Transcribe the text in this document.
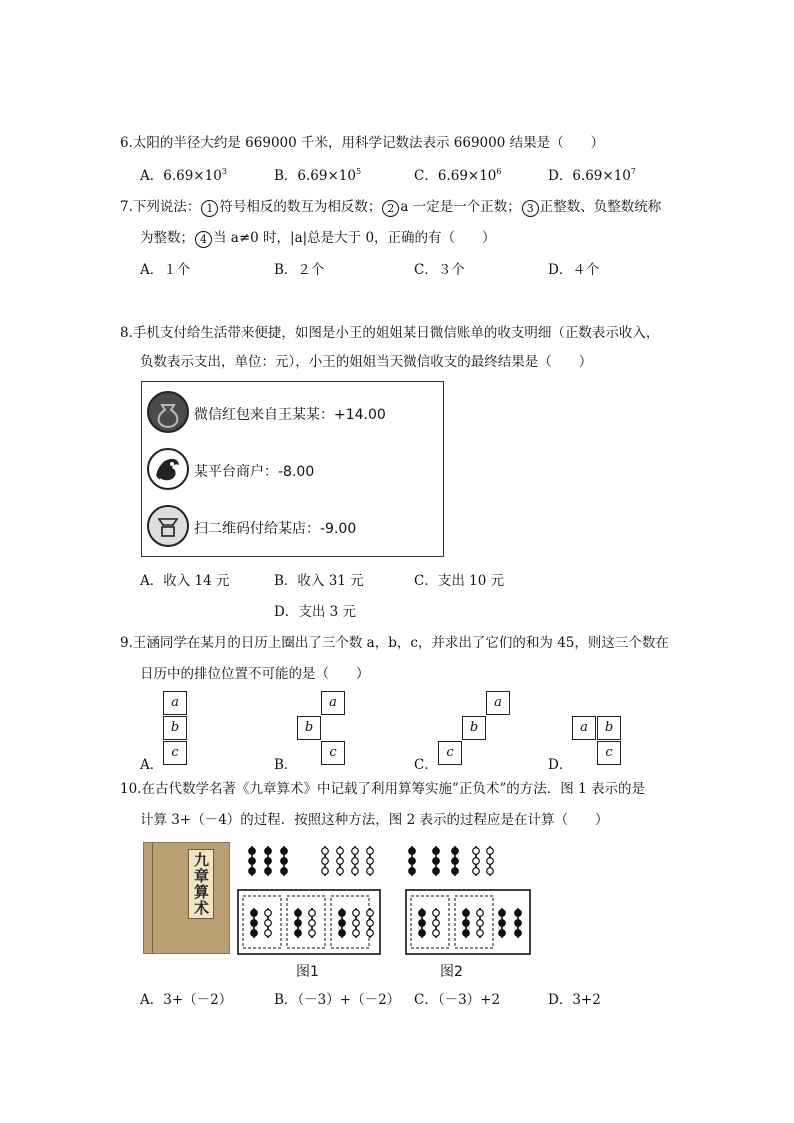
6.太阳的半径大约是 669000 千米，用科学记数法表示 669000 结果是（　　）
A．$6.69\times 10^3$	B．$6.69\times 10^5$	C．$6.69\times 10^6$	D．$6.69\times 10^7$
7.下列说法： 1 符号相反的数互为相反数； 2 a 一定是一个正数； 3 正整数、负整数统称
为整数； 4 当 a≠0 时，|a|总是大于 0，正确的有（　　）
A．１个	B．２个	C．３个	D．４个
8.手机支付给生活带来便捷，如图是小王的姐姐某日微信账单的收支明细（正数表示收入，
负数表示支出，单位：元），小王的姐姐当天微信收支的最终结果是（　　）
微信红包来自王某某：+14.00
某平台商户：-8.00
扫二维码付给某店：-9.00
A．收入 14 元	B．收入 31 元	C．支出 10 元
D．支出 3 元
9.王涵同学在某月的日历上圈出了三个数 a，b，c，并求出了它们的和为 45，则这三个数在
日历中的排位位置不可能的是（　　）
a
b
c
A．
a
b
c
B．
a
b
c
C．
a	b
c
D．
10.在古代数学名著《九章算术》中记载了利用算筹实施”正负术”的方法．图 1 表示的是
计算 3+（－4）的过程．按照这种方法，图 2 表示的过程应是在计算（　　）
九章算术
图1	图2
A．3+（－2）	B．（－3）+（－2） C．（－3）+2	D．3+2
